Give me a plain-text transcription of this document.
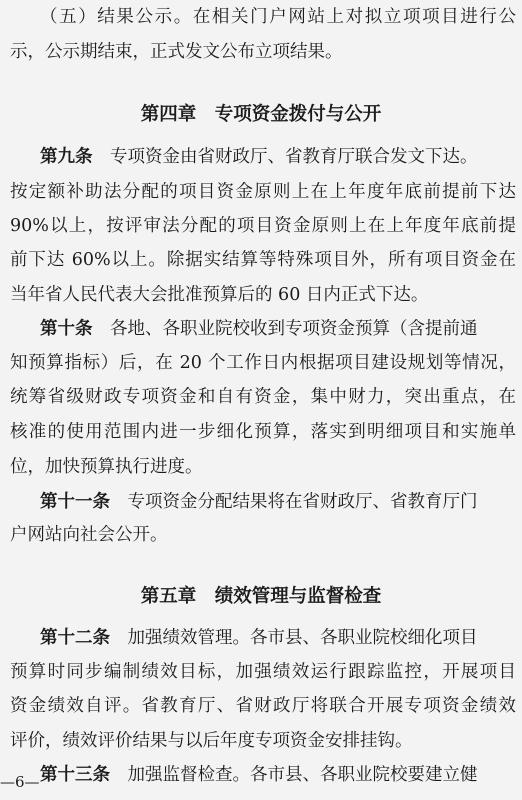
（五）结果公示。在相关门户网站上对拟立项项目进行公
示，公示期结束，正式发文公布立项结果。
第四章　专项资金拨付与公开
第九条　专项资金由省财政厅、省教育厅联合发文下达。
按定额补助法分配的项目资金原则上在上年度年底前提前下达
90%以上，按评审法分配的项目资金原则上在上年度年底前提
前下达 60%以上。除据实结算等特殊项目外，所有项目资金在
当年省人民代表大会批准预算后的 60 日内正式下达。
第十条　各地、各职业院校收到专项资金预算（含提前通
知预算指标）后，在 20 个工作日内根据项目建设规划等情况，
统筹省级财政专项资金和自有资金，集中财力，突出重点，在
核准的使用范围内进一步细化预算，落实到明细项目和实施单
位，加快预算执行进度。
第十一条　专项资金分配结果将在省财政厅、省教育厅门
户网站向社会公开。
第五章　绩效管理与监督检查
第十二条　加强绩效管理。各市县、各职业院校细化项目
预算时同步编制绩效目标，加强绩效运行跟踪监控，开展项目
资金绩效自评。省教育厅、省财政厅将联合开展专项资金绩效
评价，绩效评价结果与以后年度专项资金安排挂钩。
第十三条　加强监督检查。各市县、各职业院校要建立健
—6—
